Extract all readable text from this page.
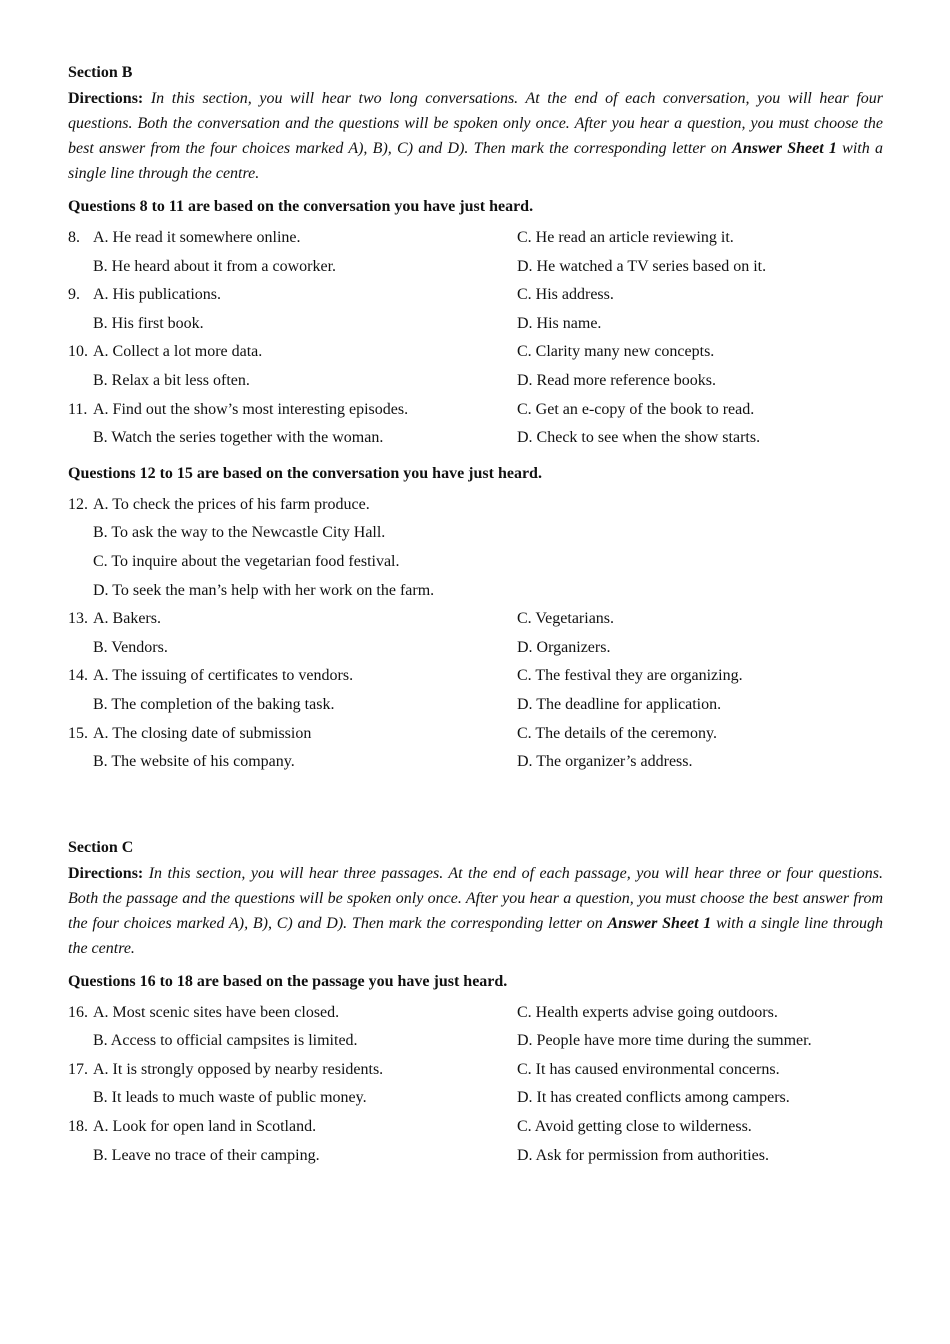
Section B
Directions: In this section, you will hear two long conversations. At the end of each conversation, you will hear four questions. Both the conversation and the questions will be spoken only once. After you hear a question, you must choose the best answer from the four choices marked A), B), C) and D). Then mark the corresponding letter on Answer Sheet 1 with a single line through the centre.
Questions 8 to 11 are based on the conversation you have just heard.
8. A. He read it somewhere online.	C. He read an article reviewing it.
B. He heard about it from a coworker.	D. He watched a TV series based on it.
9. A. His publications.	C. His address.
B. His first book.	D. His name.
10. A. Collect a lot more data.	C. Clarity many new concepts.
B. Relax a bit less often.	D. Read more reference books.
11. A. Find out the show’s most interesting episodes.	C. Get an e-copy of the book to read.
B. Watch the series together with the woman.	D. Check to see when the show starts.
Questions 12 to 15 are based on the conversation you have just heard.
12. A. To check the prices of his farm produce.
B. To ask the way to the Newcastle City Hall.
C. To inquire about the vegetarian food festival.
D. To seek the man’s help with her work on the farm.
13. A. Bakers.	C. Vegetarians.
B. Vendors.	D. Organizers.
14. A. The issuing of certificates to vendors.	C. The festival they are organizing.
B. The completion of the baking task.	D. The deadline for application.
15. A. The closing date of submission	C. The details of the ceremony.
B. The website of his company.	D. The organizer’s address.
Section C
Directions: In this section, you will hear three passages. At the end of each passage, you will hear three or four questions. Both the passage and the questions will be spoken only once. After you hear a question, you must choose the best answer from the four choices marked A), B), C) and D). Then mark the corresponding letter on Answer Sheet 1 with a single line through the centre.
Questions 16 to 18 are based on the passage you have just heard.
16. A. Most scenic sites have been closed.	C. Health experts advise going outdoors.
B. Access to official campsites is limited.	D. People have more time during the summer.
17. A. It is strongly opposed by nearby residents.	C. It has caused environmental concerns.
B. It leads to much waste of public money.	D. It has created conflicts among campers.
18. A. Look for open land in Scotland.	C. Avoid getting close to wilderness.
B. Leave no trace of their camping.	D. Ask for permission from authorities.
